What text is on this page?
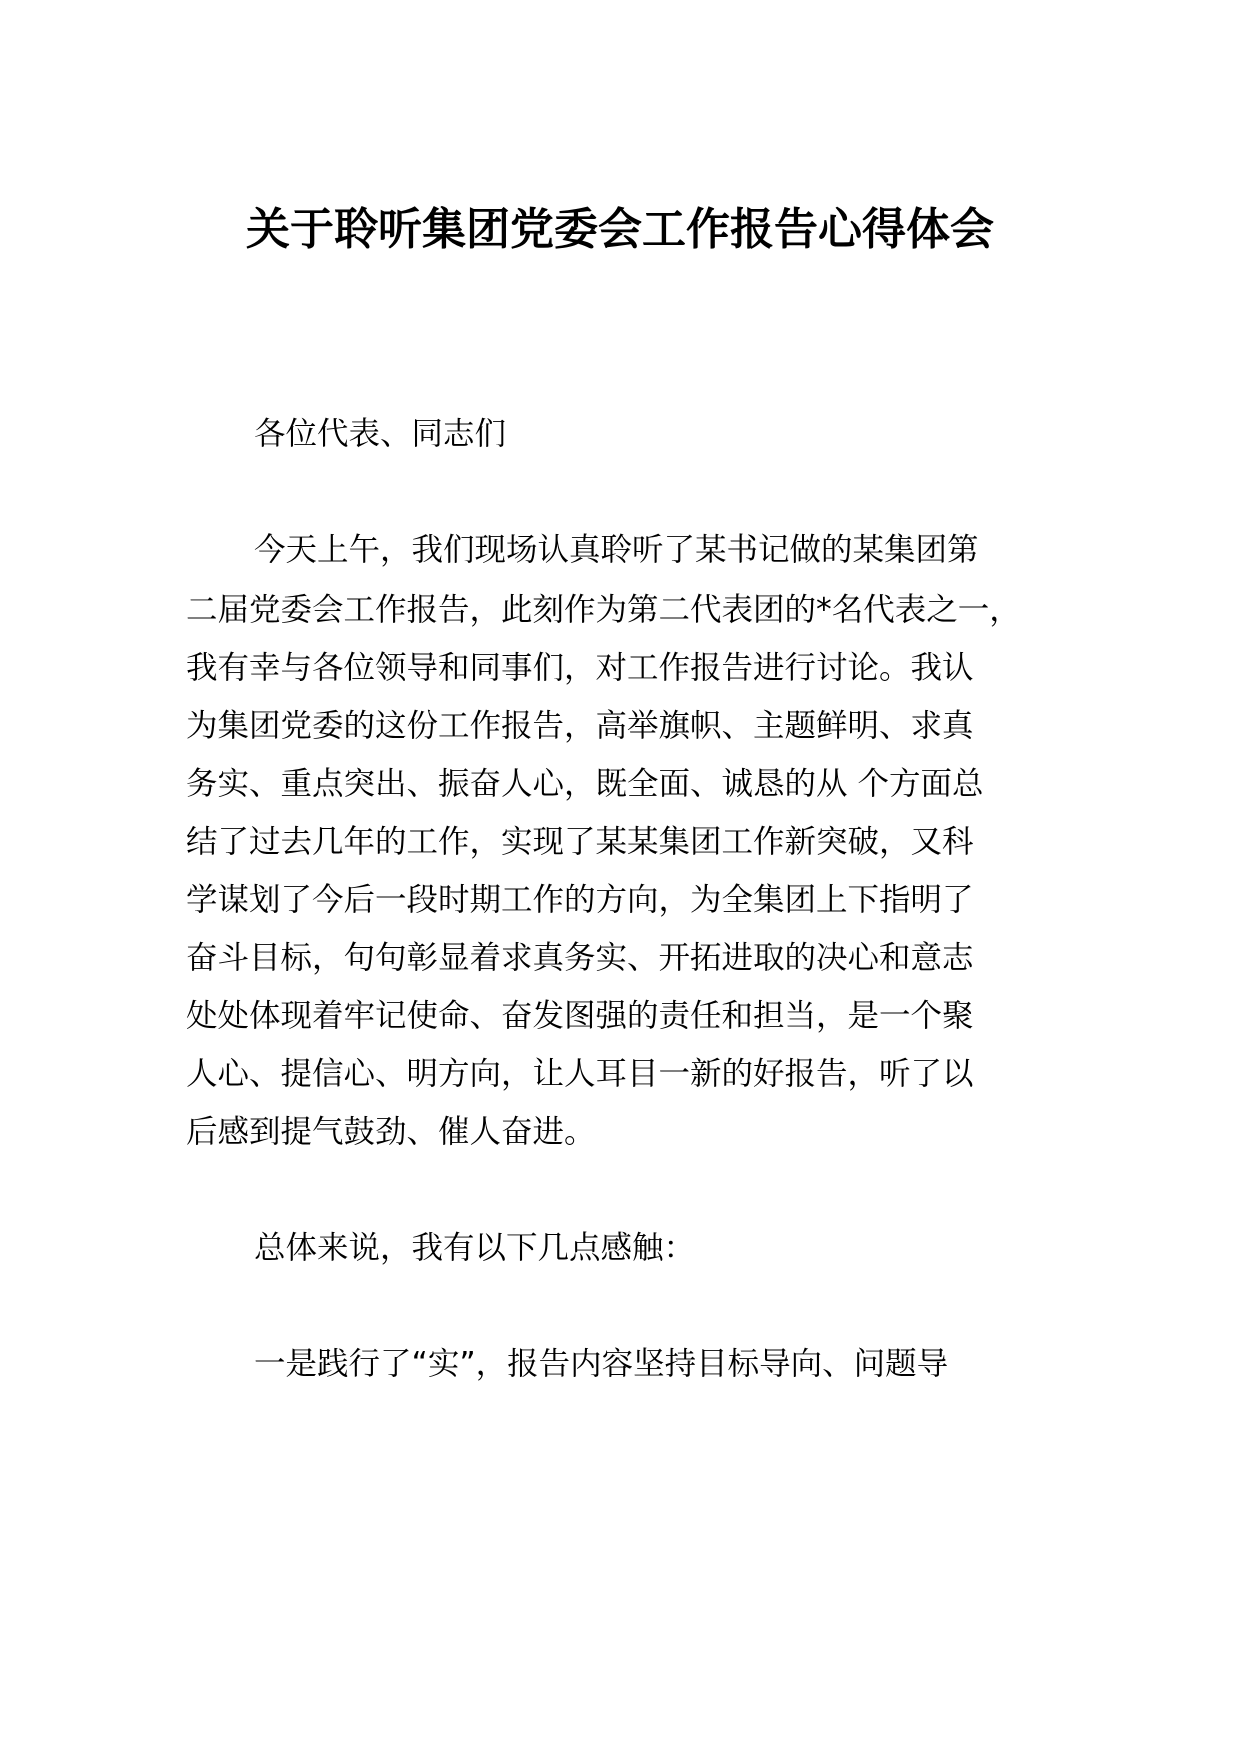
关于聆听集团党委会工作报告心得体会
各位代表、同志们
今天上午，我们现场认真聆听了某书记做的某集团第
二届党委会工作报告，此刻作为第二代表团的*名代表之一，
我有幸与各位领导和同事们，对工作报告进行讨论。我认
为集团党委的这份工作报告，高举旗帜、主题鲜明、求真
务实、重点突出、振奋人心，既全面、诚恳的从 个方面总
结了过去几年的工作，实现了某某集团工作新突破，又科
学谋划了今后一段时期工作的方向，为全集团上下指明了
奋斗目标，句句彰显着求真务实、开拓进取的决心和意志
处处体现着牢记使命、奋发图强的责任和担当，是一个聚
人心、提信心、明方向，让人耳目一新的好报告，听了以
后感到提气鼓劲、催人奋进。
总体来说，我有以下几点感触：
一是践行了“实”，报告内容坚持目标导向、问题导
